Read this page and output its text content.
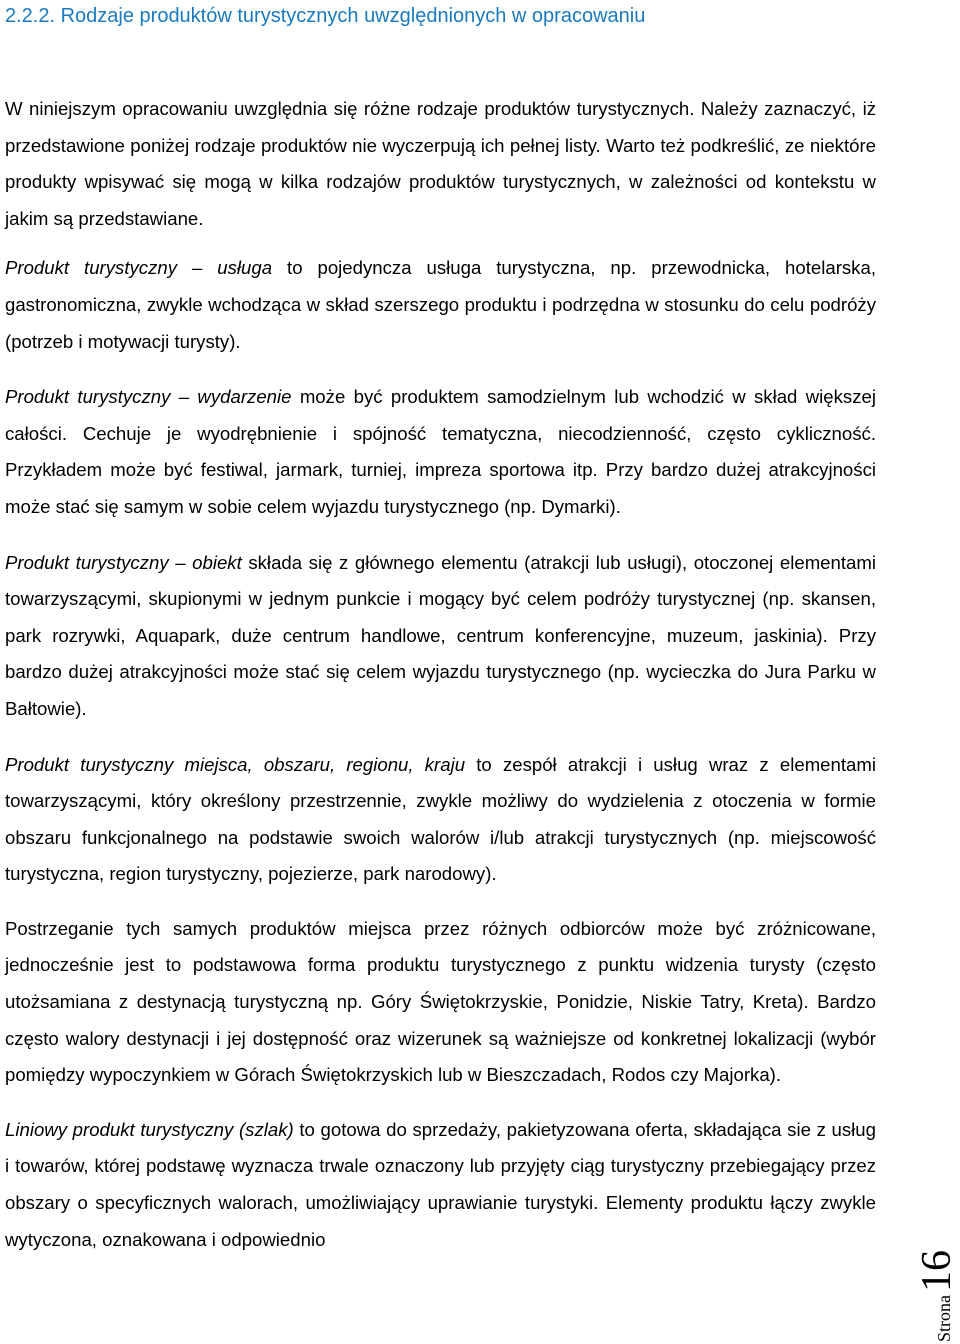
2.2.2. Rodzaje produktów turystycznych uwzględnionych w opracowaniu

W niniejszym opracowaniu uwzględnia się różne rodzaje produktów turystycznych. Należy zaznaczyć, iż przedstawione poniżej rodzaje produktów nie wyczerpują ich pełnej listy. Warto też podkreślić, ze niektóre produkty wpisywać się mogą w kilka rodzajów produktów turystycznych, w zależności od kontekstu w jakim są przedstawiane.

Produkt turystyczny – usługa to pojedyncza usługa turystyczna, np. przewodnicka, hotelarska, gastronomiczna, zwykle wchodząca w skład szerszego produktu i podrzędna w stosunku do celu podróży (potrzeb i motywacji turysty).

Produkt turystyczny – wydarzenie może być produktem samodzielnym lub wchodzić w skład większej całości. Cechuje je wyodrębnienie i spójność tematyczna, niecodzienność, często cykliczność. Przykładem może być festiwal, jarmark, turniej, impreza sportowa itp. Przy bardzo dużej atrakcyjności może stać się samym w sobie celem wyjazdu turystycznego (np. Dymarki).

Produkt turystyczny – obiekt składa się z głównego elementu (atrakcji lub usługi), otoczonej elementami towarzyszącymi, skupionymi w jednym punkcie i mogący być celem podróży turystycznej (np. skansen, park rozrywki, Aquapark, duże centrum handlowe, centrum konferencyjne, muzeum, jaskinia). Przy bardzo dużej atrakcyjności może stać się celem wyjazdu turystycznego (np. wycieczka do Jura Parku w Bałtowie).

Produkt turystyczny miejsca, obszaru, regionu, kraju to zespół atrakcji i usług wraz z elementami towarzyszącymi, który określony przestrzennie, zwykle możliwy do wydzielenia z otoczenia w formie obszaru funkcjonalnego na podstawie swoich walorów i/lub atrakcji turystycznych (np. miejscowość turystyczna, region turystyczny, pojezierze, park narodowy).

Postrzeganie tych samych produktów miejsca przez różnych odbiorców może być zróżnicowane, jednocześnie jest to podstawowa forma produktu turystycznego z punktu widzenia turysty (często utożsamiana z destynacją turystyczną np. Góry Świętokrzyskie, Ponidzie, Niskie Tatry, Kreta). Bardzo często walory destynacji i jej dostępność oraz wizerunek są ważniejsze od konkretnej lokalizacji (wybór pomiędzy wypoczynkiem w Górach Świętokrzyskich lub w Bieszczadach, Rodos czy Majorka).

Liniowy produkt turystyczny (szlak) to gotowa do sprzedaży, pakietyzowana oferta, składająca sie z usług i towarów, której podstawę wyznacza trwale oznaczony lub przyjęty ciąg turystyczny przebiegający przez obszary o specyficznych walorach, umożliwiający uprawianie turystyki. Elementy produktu łączy zwykle wytyczona, oznakowana i odpowiednio

Strona16
